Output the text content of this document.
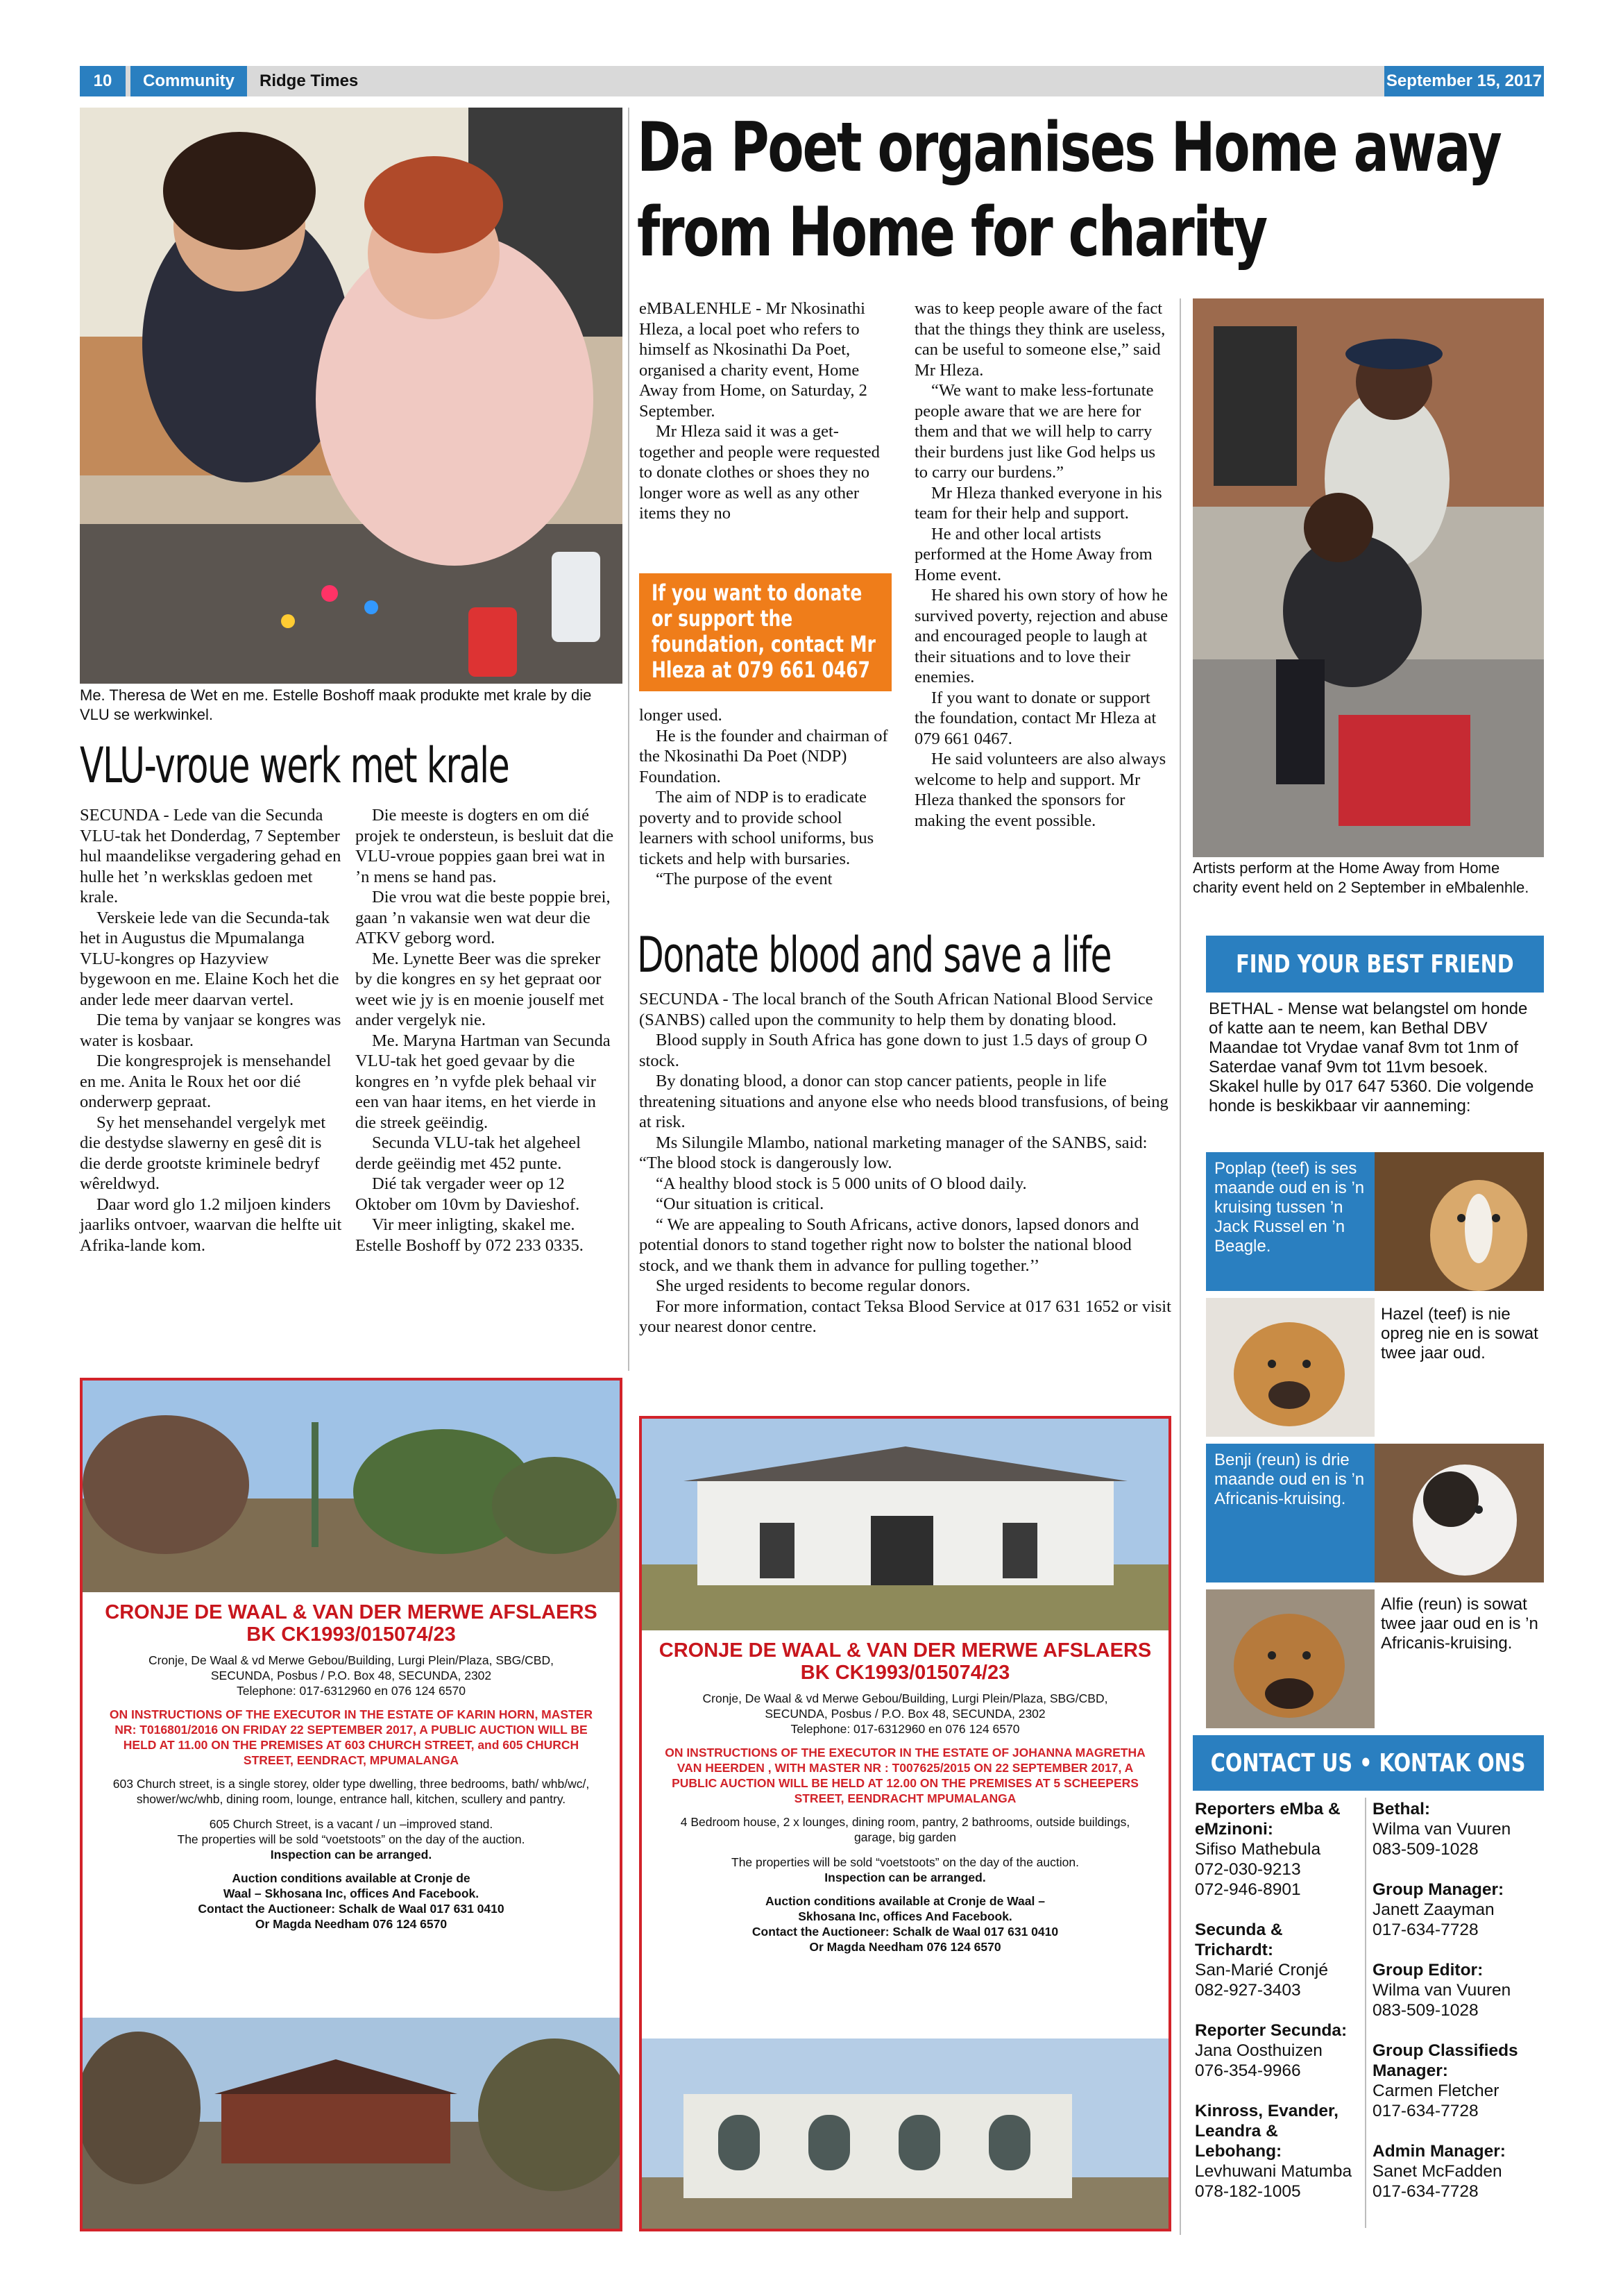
10	Community	Ridge Times	September 15, 2017
Me. Theresa de Wet en me. Estelle Boshoff maak produkte met krale by die VLU se werkwinkel.
VLU-vroue werk met krale

SECUNDA - Lede van die Secunda VLU-tak het Donderdag, 7 September hul maandelikse vergadering gehad en hulle het ’n werksklas gedoen met krale.

Verskeie lede van die Secunda-tak het in Augustus die Mpumalanga VLU-kongres op Hazyview bygewoon en me. Elaine Koch het die ander lede meer daarvan vertel.

Die tema by vanjaar se kongres was water is kosbaar.

Die kongresprojek is mensehandel en me. Anita le Roux het oor dié onderwerp gepraat.

Sy het mensehandel vergelyk met die destydse slawerny en gesê dit is die derde grootste kriminele bedryf wêreldwyd.

Daar word glo 1.2 miljoen kinders jaarliks ontvoer, waarvan die helfte uit Afrika-lande kom.

Die meeste is dogters en om dié projek te ondersteun, is besluit dat die VLU-vroue poppies gaan brei wat in ’n mens se hand pas.

Die vrou wat die beste poppie brei, gaan ’n vakansie wen wat deur die ATKV geborg word.

Me. Lynette Beer was die spreker by die kongres en sy het gepraat oor weet wie jy is en moenie jouself met ander vergelyk nie.

Me. Maryna Hartman van Secunda VLU-tak het goed gevaar by die kongres en ’n vyfde plek behaal vir een van haar items, en het vierde in die streek geëindig.

Secunda VLU-tak het algeheel derde geëindig met 452 punte.

Dié tak vergader weer op 12 Oktober om 10vm by Davieshof.

Vir meer inligting, skakel me. Estelle Boshoff by 072 233 0335.

Da Poet organises Home away
from Home for charity

eMBALENHLE - Mr Nkosinathi Hleza, a local poet who refers to himself as Nkosinathi Da Poet, organised a charity event, Home Away from Home, on Saturday, 2 September.

Mr Hleza said it was a get-together and people were requested to donate clothes or shoes they no longer wore as well as any other items they no

If you want to donate or support the foundation, contact Mr Hleza at 079 661 0467

longer used.

He is the founder and chairman of the Nkosinathi Da Poet (NDP) Foundation.

The aim of NDP is to eradicate poverty and to provide school learners with school uniforms, bus tickets and help with bursaries.

“The purpose of the event

was to keep people aware of the fact that the things they think are useless, can be useful to someone else,” said Mr Hleza.

“We want to make less-fortunate people aware that we are here for them and that we will help to carry their burdens just like God helps us to carry our burdens.”

Mr Hleza thanked everyone in his team for their help and support.

He and other local artists performed at the Home Away from Home event.

He shared his own story of how he survived poverty, rejection and abuse and encouraged people to laugh at their situations and to love their enemies.

If you want to donate or support the foundation, contact Mr Hleza at 079 661 0467.

He said volunteers are also always welcome to help and support. Mr Hleza thanked the sponsors for making the event possible.

Artists perform at the Home Away from Home charity event held on 2 September in eMbalenhle.
Donate blood and save a life

SECUNDA - The local branch of the South African National Blood Service (SANBS) called upon the community to help them by donating blood.

Blood supply in South Africa has gone down to just 1.5 days of group O stock.

By donating blood, a donor can stop cancer patients, people in life threatening situations and anyone else who needs blood transfusions, of being at risk.

Ms Silungile Mlambo, national marketing manager of the SANBS, said: “The blood stock is dangerously low.

“A healthy blood stock is 5 000 units of O blood daily.

“Our situation is critical.

“ We are appealing to South Africans, active donors, lapsed donors and potential donors to stand together right now to bolster the national blood stock, and we thank them in advance for pulling together.’’

She urged residents to become regular donors.

For more information, contact Teksa Blood Service at 017 631 1652 or visit your nearest donor centre.

FIND YOUR BEST FRIEND
BETHAL - Mense wat belangstel om honde of katte aan te neem, kan Bethal DBV Maandae tot Vrydae vanaf 8vm tot 1nm of Saterdae vanaf 9vm tot 11vm besoek. Skakel hulle by 017 647 5360. Die volgende honde is beskikbaar vir aanneming:
Poplap (teef) is ses maande oud en is ’n kruising tussen ’n Jack Russel en ’n Beagle.
Hazel (teef) is nie opreg nie en is sowat twee jaar oud.
Benji (reun) is drie maande oud en is ’n Africanis-kruising.
Alfie (reun) is sowat twee jaar oud en is ’n Africanis-kruising.
CONTACT US • KONTAK ONS
Reporters eMba & eMzinoni:
Sifiso Mathebula
072-030-9213
072-946-8901
Secunda & Trichardt:
San-Marié Cronjé
082-927-3403
Reporter Secunda:
Jana Oosthuizen
076-354-9966
Kinross, Evander, Leandra & Lebohang:
Levhuwani Matumba
078-182-1005
Bethal:
Wilma van Vuuren
083-509-1028
Group Manager:
Janett Zaayman
017-634-7728
Group Editor:
Wilma van Vuuren
083-509-1028
Group Classifieds Manager:
Carmen Fletcher
017-634-7728
Admin Manager:
Sanet McFadden
017-634-7728
CRONJE DE WAAL & VAN DER MERWE AFSLAERS
BK CK1993/015074/23
Cronje, De Waal & vd Merwe Gebou/Building, Lurgi Plein/Plaza, SBG/CBD, SECUNDA, Posbus / P.O. Box 48, SECUNDA, 2302
Telephone: 017-6312960 en 076 124 6570
ON INSTRUCTIONS OF THE EXECUTOR IN THE ESTATE OF KARIN HORN, MASTER NR: T016801/2016 ON FRIDAY 22 SEPTEMBER 2017, A PUBLIC AUCTION WILL BE HELD AT 11.00 ON THE PREMISES AT 603 CHURCH STREET, and 605 CHURCH STREET, EENDRACT, MPUMALANGA
603 Church street, is a single storey, older type dwelling, three bedrooms, bath/ whb/wc/, shower/wc/whb, dining room, lounge, entrance hall, kitchen, scullery and pantry.
605 Church Street, is a vacant / un –improved stand.
The properties will be sold “voetstoots” on the day of the auction.
Inspection can be arranged.
Auction conditions available at Cronje de Waal – Skhosana Inc, offices And Facebook.
Contact the Auctioneer: Schalk de Waal 017 631 0410
Or Magda Needham 076 124 6570
CRONJE DE WAAL & VAN DER MERWE AFSLAERS
BK CK1993/015074/23
Cronje, De Waal & vd Merwe Gebou/Building, Lurgi Plein/Plaza, SBG/CBD, SECUNDA, Posbus / P.O. Box 48, SECUNDA, 2302
Telephone: 017-6312960 en 076 124 6570
ON INSTRUCTIONS OF THE EXECUTOR IN THE ESTATE OF JOHANNA MAGRETHA VAN HEERDEN , WITH MASTER NR : T007625/2015 ON 22 SEPTEMBER 2017, A PUBLIC AUCTION WILL BE HELD AT 12.00 ON THE PREMISES AT 5 SCHEEPERS STREET, EENDRACHT MPUMALANGA
4 Bedroom house, 2 x lounges, dining room, pantry, 2 bathrooms, outside buildings, garage, big garden
The properties will be sold “voetstoots” on the day of the auction.
Inspection can be arranged.
Auction conditions available at Cronje de Waal – Skhosana Inc, offices And Facebook.
Contact the Auctioneer: Schalk de Waal 017 631 0410
Or Magda Needham 076 124 6570
